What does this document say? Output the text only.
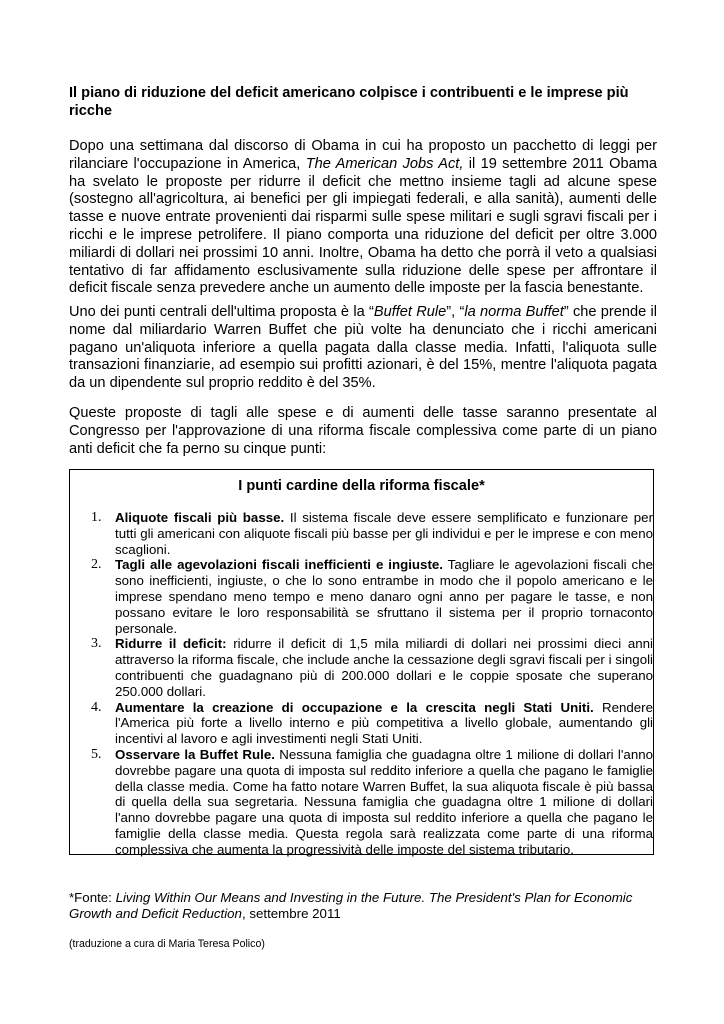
Il piano di riduzione del deficit americano colpisce i contribuenti e le imprese più ricche

Dopo una settimana dal discorso di Obama in cui ha proposto un pacchetto di leggi per rilanciare l'occupazione in America, The American Jobs Act, il 19 settembre 2011 Obama ha svelato le proposte per ridurre il deficit che mettno insieme tagli ad alcune spese (sostegno all'agricoltura, ai benefici per gli impiegati federali, e alla sanità), aumenti delle tasse e nuove entrate provenienti dai risparmi sulle spese militari e sugli sgravi fiscali per i ricchi e le imprese petrolifere. Il piano comporta una riduzione del deficit per oltre 3.000 miliardi di dollari nei prossimi 10 anni. Inoltre, Obama ha detto che porrà il veto a qualsiasi tentativo di far affidamento esclusivamente sulla riduzione delle spese per affrontare il deficit fiscale senza prevedere anche un aumento delle imposte per la fascia benestante.

Uno dei punti centrali dell'ultima proposta è la “Buffet Rule”, “la norma Buffet” che prende il nome dal miliardario Warren Buffet che più volte ha denunciato che i ricchi americani pagano un'aliquota inferiore a quella pagata dalla classe media. Infatti, l'aliquota sulle transazioni finanziarie, ad esempio sui profitti azionari, è del 15%, mentre l'aliquota pagata da un dipendente sul proprio reddito è del 35%.

Queste proposte di tagli alle spese e di aumenti delle tasse saranno presentate al Congresso per l'approvazione di una riforma fiscale complessiva come parte di un piano anti deficit che fa perno su cinque punti:

I punti cardine della riforma fiscale*

1. Aliquote fiscali più basse. Il sistema fiscale deve essere semplificato e funzionare per tutti gli americani con aliquote fiscali più basse per gli individui e per le imprese e con meno scaglioni.
2. Tagli alle agevolazioni fiscali inefficienti e ingiuste. Tagliare le agevolazioni fiscali che sono inefficienti, ingiuste, o che lo sono entrambe in modo che il popolo americano e le imprese spendano meno tempo e meno danaro ogni anno per pagare le tasse, e non possano evitare le loro responsabilità se sfruttano il sistema per il proprio tornaconto personale.
3. Ridurre il deficit: ridurre il deficit di 1,5 mila miliardi di dollari nei prossimi dieci anni attraverso la riforma fiscale, che include anche la cessazione degli sgravi fiscali per i singoli contribuenti che guadagnano più di 200.000 dollari e le coppie sposate che superano 250.000 dollari.
4. Aumentare la creazione di occupazione e la crescita negli Stati Uniti. Rendere l'America più forte a livello interno e più competitiva a livello globale, aumentando gli incentivi al lavoro e agli investimenti negli Stati Uniti.
5. Osservare la Buffet Rule. Nessuna famiglia che guadagna oltre 1 milione di dollari l'anno dovrebbe pagare una quota di imposta sul reddito inferiore a quella che pagano le famiglie della classe media. Come ha fatto notare Warren Buffet, la sua aliquota fiscale è più bassa di quella della sua segretaria. Nessuna famiglia che guadagna oltre 1 milione di dollari l'anno dovrebbe pagare una quota di imposta sul reddito inferiore a quella che pagano le famiglie della classe media. Questa regola sarà realizzata come parte di una riforma complessiva che aumenta la progressività delle imposte del sistema tributario.

*Fonte: Living Within Our Means and Investing in the Future. The President's Plan for Economic Growth and Deficit Reduction, settembre 2011

(traduzione a cura di Maria Teresa Polico)
